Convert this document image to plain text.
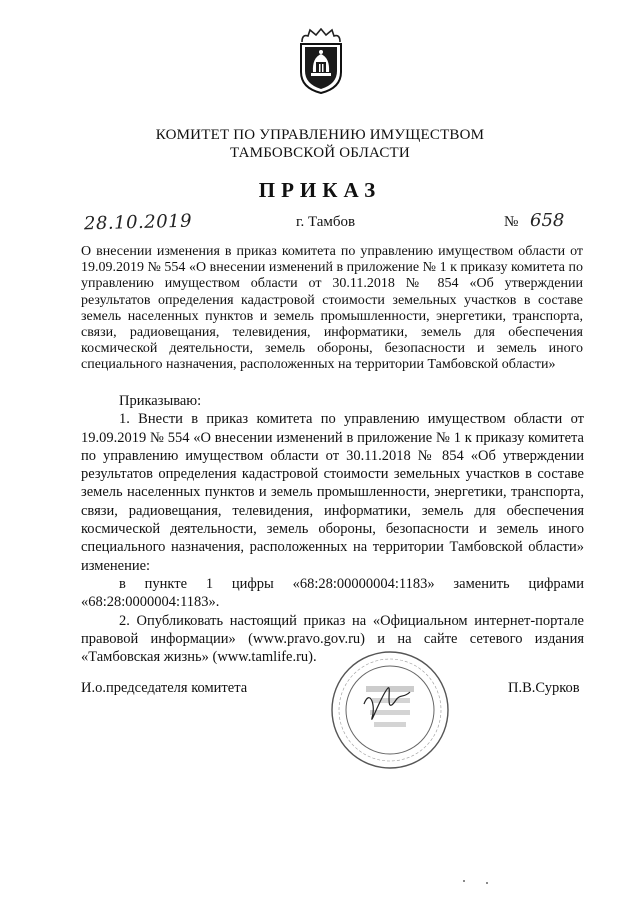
КОМИТЕТ ПО УПРАВЛЕНИЮ ИМУЩЕСТВОМ
ТАМБОВСКОЙ ОБЛАСТИ
ПРИКАЗ
28.10.2019	г. Тамбов	№ 658
О внесении изменения в приказ комитета по управлению имуществом области от 19.09.2019 № 554 «О внесении изменений в приложение № 1 к приказу комитета по управлению имуществом области от 30.11.2018 № 854 «Об утверждении результатов определения кадастровой стоимости земельных участков в составе земель населенных пунктов и земель промышленности, энергетики, транспорта, связи, радиовещания, телевидения, информатики, земель для обеспечения космической деятельности, земель обороны, безопасности и земель иного специального назначения, расположенных на территории Тамбовской области»

Приказываю:

1. Внести в приказ комитета по управлению имуществом области от 19.09.2019 № 554 «О внесении изменений в приложение № 1 к приказу комитета по управлению имуществом области от 30.11.2018 № 854 «Об утверждении результатов определения кадастровой стоимости земельных участков в составе земель населенных пунктов и земель промышленности, энергетики, транспорта, связи, радиовещания, телевидения, информатики, земель для обеспечения космической деятельности, земель обороны, безопасности и земель иного специального назначения, расположенных на территории Тамбовской области» изменение:

в пункте 1 цифры «68:28:00000004:1183» заменить цифрами «68:28:0000004:1183».

2. Опубликовать настоящий приказ на «Официальном интернет-портале правовой информации» (www.pravo.gov.ru) и на сайте сетевого издания «Тамбовская жизнь» (www.tamlife.ru).

И.о.председателя комитета	П.В.Сурков
